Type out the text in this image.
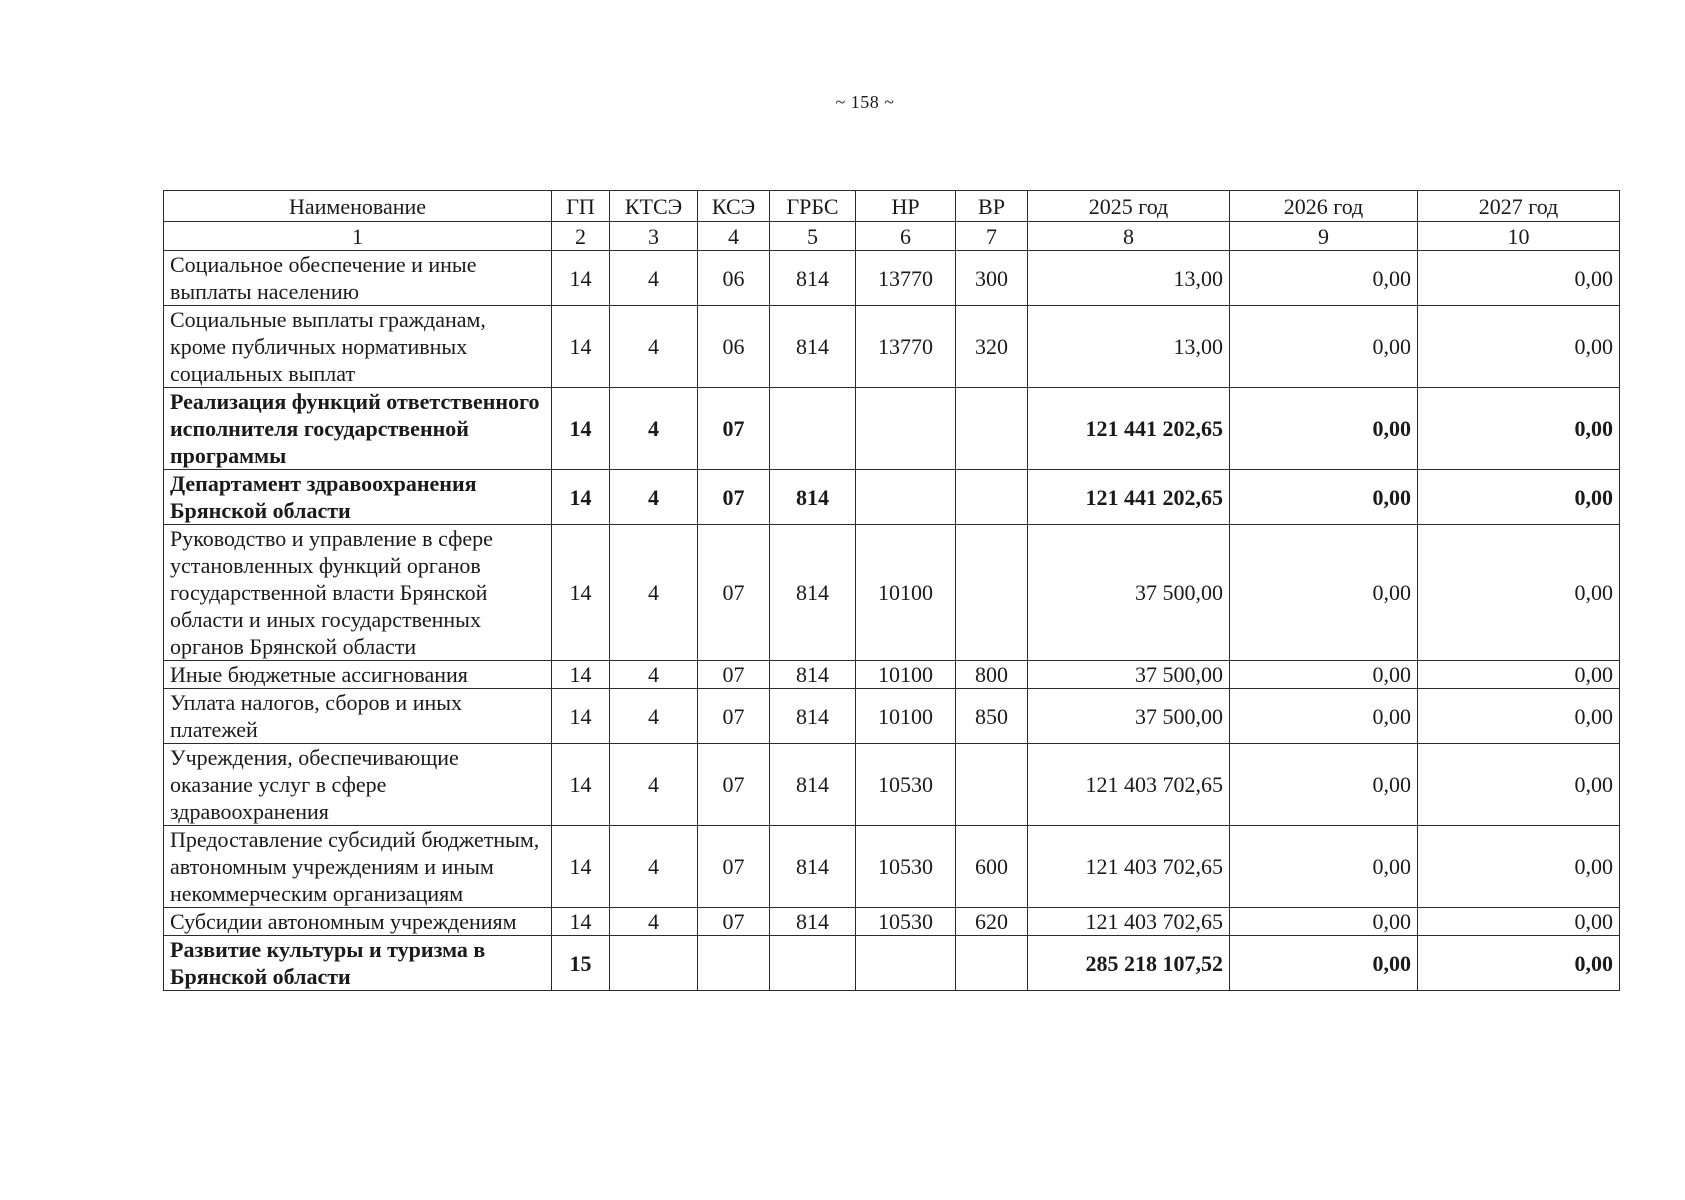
~ 158 ~
Наименование	ГП	КТСЭ	КСЭ	ГРБС	НР	ВР	2025 год	2026 год	2027 год
1	2	3	4	5	6	7	8	9	10
Социальное обеспечение и иные выплаты населению	14	4	06	814	13770	300	13,00	0,00	0,00
Социальные выплаты гражданам, кроме публичных нормативных социальных выплат	14	4	06	814	13770	320	13,00	0,00	0,00
Реализация функций ответственного исполнителя государственной программы	14	4	07				121 441 202,65	0,00	0,00
Департамент здравоохранения Брянской области	14	4	07	814			121 441 202,65	0,00	0,00
Руководство и управление в сфере установленных функций органов государственной власти Брянской области и иных государственных органов Брянской области	14	4	07	814	10100		37 500,00	0,00	0,00
Иные бюджетные ассигнования	14	4	07	814	10100	800	37 500,00	0,00	0,00
Уплата налогов, сборов и иных платежей	14	4	07	814	10100	850	37 500,00	0,00	0,00
Учреждения, обеспечивающие оказание услуг в сфере здравоохранения	14	4	07	814	10530		121 403 702,65	0,00	0,00
Предоставление субсидий бюджетным, автономным учреждениям и иным некоммерческим организациям	14	4	07	814	10530	600	121 403 702,65	0,00	0,00
Субсидии автономным учреждениям	14	4	07	814	10530	620	121 403 702,65	0,00	0,00
Развитие культуры и туризма в Брянской области	15						285 218 107,52	0,00	0,00
